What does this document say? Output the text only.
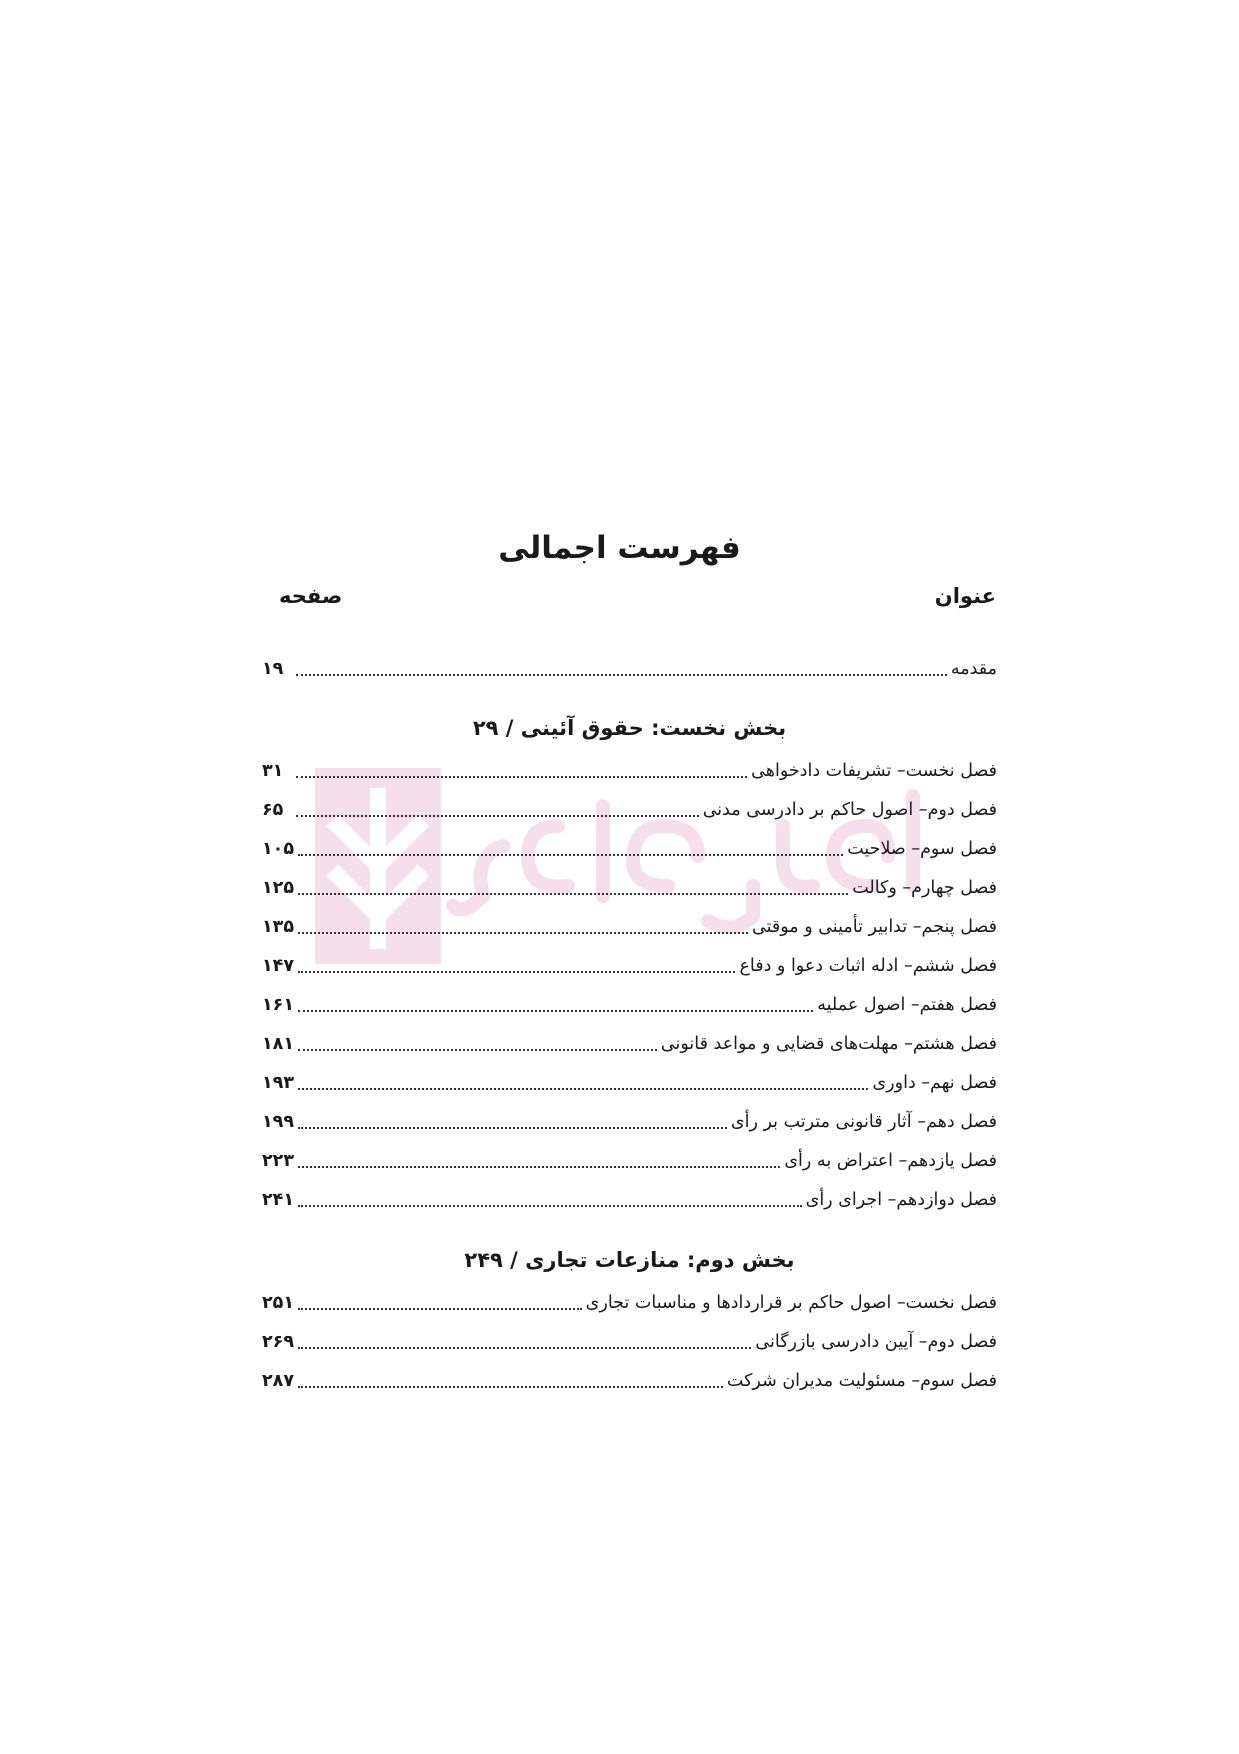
فهرست اجمالی
عنوان
صفحه
مقدمه
۱۹
بخش نخست: حقوق آئینی / ۲۹
فصل نخست– تشریفات دادخواهی
۳۱
فصل دوم– اصول حاکم بر دادرسی مدنی
۶۵
فصل سوم– صلاحیت
۱۰۵
فصل چهارم– وکالت
۱۲۵
فصل پنجم– تدابیر تأمینی و موقتی
۱۳۵
فصل ششم– ادله اثبات دعوا و دفاع
۱۴۷
فصل هفتم– اصول عملیه
۱۶۱
فصل هشتم– مهلت‌های قضایی و مواعد قانونی
۱۸۱
فصل نهم– داوری
۱۹۳
فصل دهم– آثار قانونی مترتب بر رأی
۱۹۹
فصل یازدهم– اعتراض به رأی
۲۲۳
فصل دوازدهم– اجرای رأی
۲۴۱
بخش دوم: منازعات تجاری / ۲۴۹
فصل نخست– اصول حاکم بر قراردادها و مناسبات تجاری
۲۵۱
فصل دوم– آیین دادرسی بازرگانی
۲۶۹
فصل سوم– مسئولیت مدیران شرکت
۲۸۷
